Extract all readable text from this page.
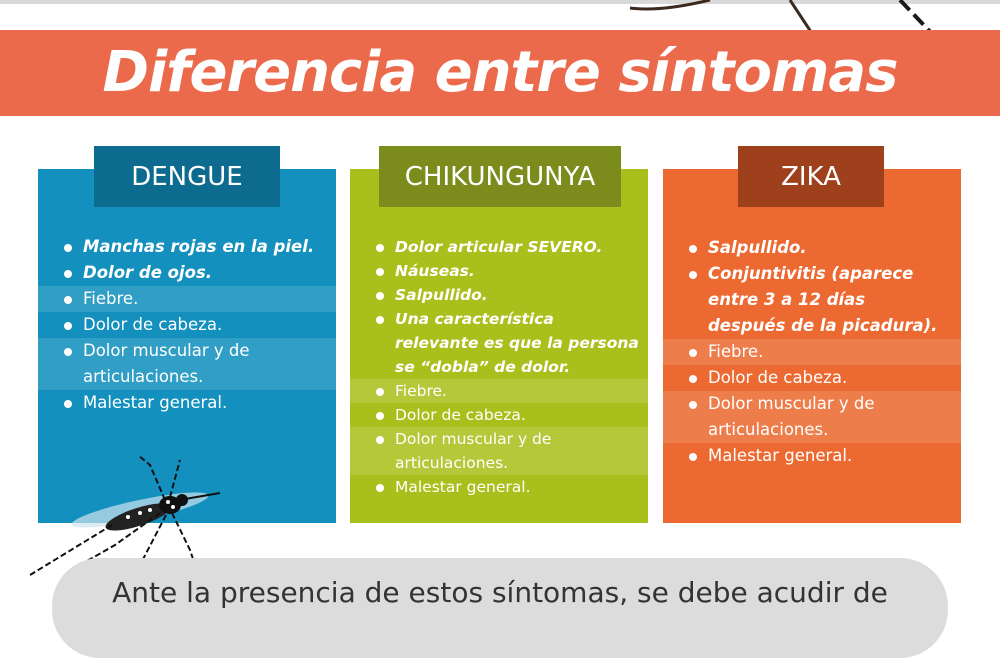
Diferencia entre síntomas
Manchas rojas en la piel.
Dolor de ojos.
Fiebre.
Dolor de cabeza.
Dolor muscular y de articulaciones.
Malestar general.
DENGUE
Dolor articular SEVERO.
Náuseas.
Salpullido.
Una característica relevante es que la persona se “dobla” de dolor.
Fiebre.
Dolor de cabeza.
Dolor muscular y de articulaciones.
Malestar general.
CHIKUNGUNYA
Salpullido.
Conjuntivitis (aparece entre 3 a 12 días después de la picadura).
Fiebre.
Dolor de cabeza.
Dolor muscular y de articulaciones.
Malestar general.
ZIKA
Ante la presencia de estos síntomas, se debe acudir de
